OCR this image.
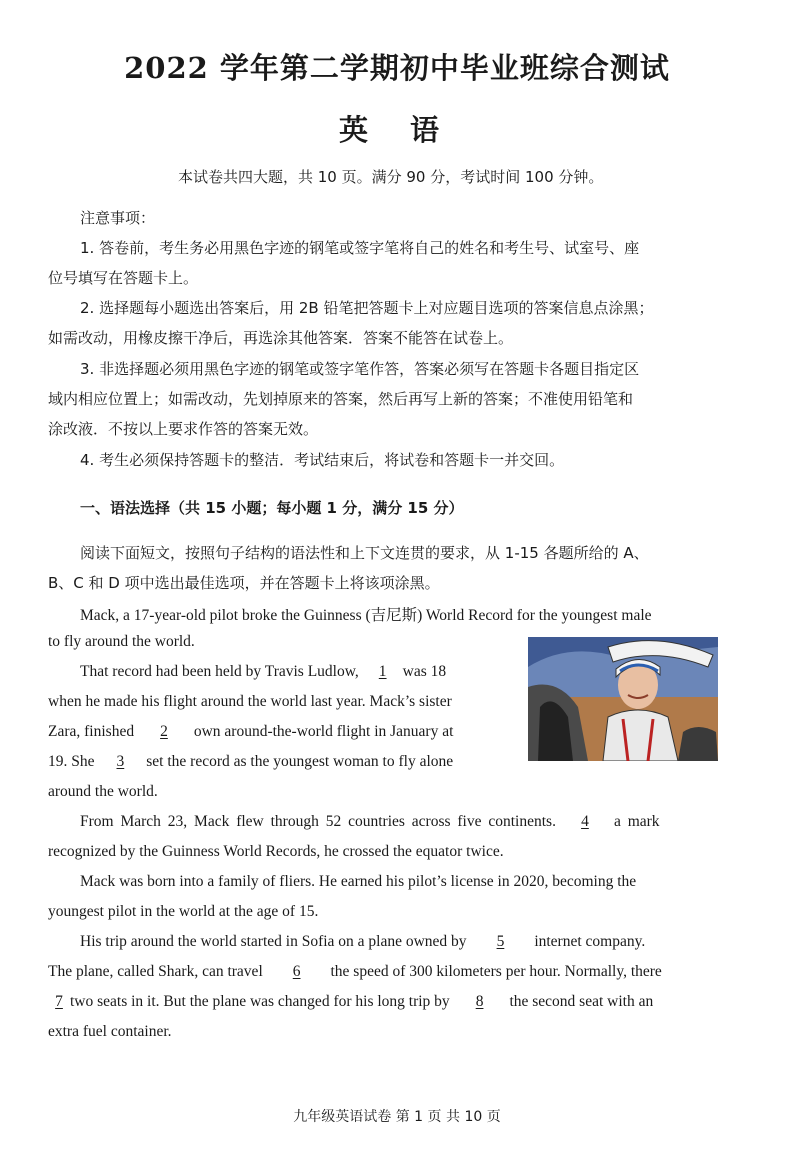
2022 学年第二学期初中毕业班综合测试
英 语
本试卷共四大题，共 10 页。满分 90 分，考试时间 100 分钟。
注意事项：
1. 答卷前，考生务必用黑色字迹的钢笔或签字笔将自己的姓名和考生号、试室号、座
位号填写在答题卡上。
2. 选择题每小题选出答案后，用 2B 铅笔把答题卡上对应题目选项的答案信息点涂黑；
如需改动，用橡皮擦干净后，再选涂其他答案．答案不能答在试卷上。
3. 非选择题必须用黑色字迹的钢笔或签字笔作答，答案必须写在答题卡各题目指定区
域内相应位置上；如需改动，先划掉原来的答案，然后再写上新的答案；不准使用铅笔和
涂改液．不按以上要求作答的答案无效。
4. 考生必须保持答题卡的整洁．考试结束后，将试卷和答题卡一并交回。
一、语法选择（共 15 小题；每小题 1 分，满分 15 分）
阅读下面短文，按照句子结构的语法性和上下文连贯的要求，从 1-15 各题所给的 A、
B、C 和 D 项中选出最佳选项，并在答题卡上将该项涂黑。
Mack, a 17-year-old pilot broke the Guinness (吉尼斯) World Record for the youngest male
to fly around the world.
That record had been held by Travis Ludlow, 1 was 18
when he made his flight around the world last year. Mack’s sister
Zara, finished 2 own around-the-world flight in January at
19. She 3 set the record as the youngest woman to fly alone
around the world.
From March 23, Mack flew through 52 countries across five continents. 4 a mark
recognized by the Guinness World Records, he crossed the equator twice.
Mack was born into a family of fliers. He earned his pilot’s license in 2020, becoming the
youngest pilot in the world at the age of 15.
His trip around the world started in Sofia on a plane owned by 5 internet company.
The plane, called Shark, can travel 6 the speed of 300 kilometers per hour. Normally, there
7 two seats in it. But the plane was changed for his long trip by 8 the second seat with an
extra fuel container.
九年级英语试卷 第 1 页 共 10 页
